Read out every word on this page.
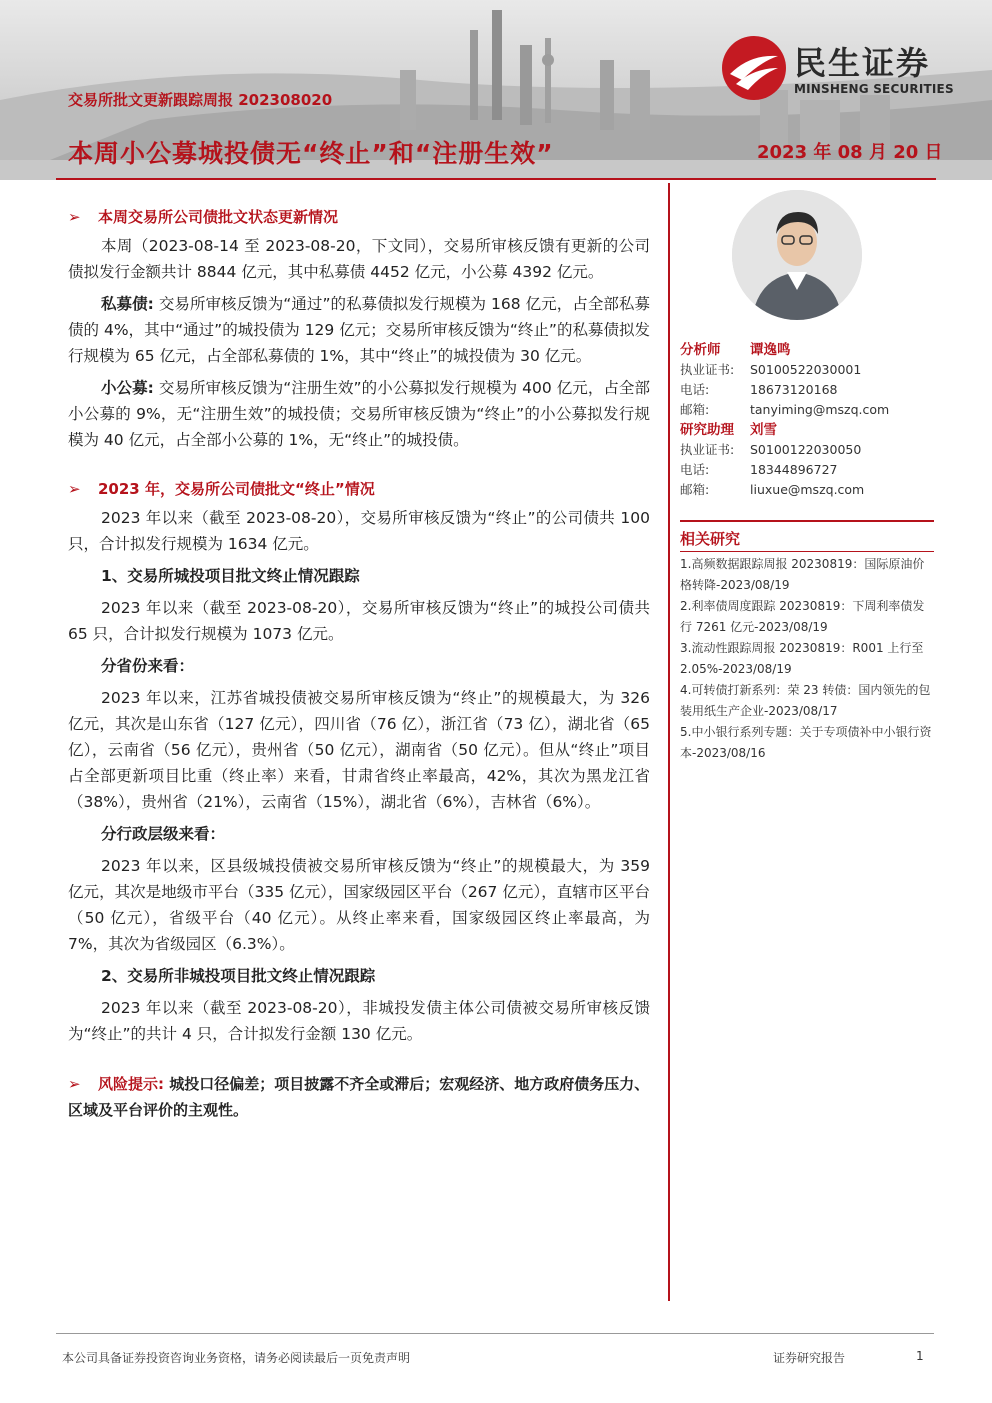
交易所批文更新跟踪周报 202308020
本周小公募城投债无“终止”和“注册生效”	2023 年 08 月 20 日
民生证券
MINSHENG SECURITIES
➢ 本周交易所公司债批文状态更新情况

本周（2023-08-14 至 2023-08-20，下文同），交易所审核反馈有更新的公司债拟发行金额共计 8844 亿元，其中私募债 4452 亿元，小公募 4392 亿元。

私募债: 交易所审核反馈为“通过”的私募债拟发行规模为 168 亿元，占全部私募债的 4%，其中“通过”的城投债为 129 亿元；交易所审核反馈为“终止”的私募债拟发行规模为 65 亿元，占全部私募债的 1%，其中“终止”的城投债为 30 亿元。

小公募: 交易所审核反馈为“注册生效”的小公募拟发行规模为 400 亿元，占全部小公募的 9%，无“注册生效”的城投债；交易所审核反馈为“终止”的小公募拟发行规模为 40 亿元，占全部小公募的 1%，无“终止”的城投债。

➢ 2023 年，交易所公司债批文“终止”情况

2023 年以来（截至 2023-08-20），交易所审核反馈为“终止”的公司债共 100 只，合计拟发行规模为 1634 亿元。

1、交易所城投项目批文终止情况跟踪

2023 年以来（截至 2023-08-20），交易所审核反馈为“终止”的城投公司债共 65 只，合计拟发行规模为 1073 亿元。

分省份来看：

2023 年以来，江苏省城投债被交易所审核反馈为“终止”的规模最大，为 326 亿元，其次是山东省（127 亿元），四川省（76 亿），浙江省（73 亿），湖北省（65 亿），云南省（56 亿元），贵州省（50 亿元），湖南省（50 亿元）。但从“终止”项目占全部更新项目比重（终止率）来看，甘肃省终止率最高，42%，其次为黑龙江省（38%），贵州省（21%），云南省（15%），湖北省（6%），吉林省（6%）。

分行政层级来看：

2023 年以来，区县级城投债被交易所审核反馈为“终止”的规模最大，为 359 亿元，其次是地级市平台（335 亿元），国家级园区平台（267 亿元），直辖市区平台（50 亿元），省级平台（40 亿元）。从终止率来看，国家级园区终止率最高，为 7%，其次为省级园区（6.3%）。

2、交易所非城投项目批文终止情况跟踪

2023 年以来（截至 2023-08-20），非城投发债主体公司债被交易所审核反馈为“终止”的共计 4 只，合计拟发行金额 130 亿元。

➢ 风险提示: 城投口径偏差；项目披露不齐全或滞后；宏观经济、地方政府债务压力、区域及平台评价的主观性。
分析师 谭逸鸣
执业证书: S0100522030001
电话:	18673120168
邮箱:	tanyiming@mszq.com
研究助理 刘雪
执业证书: S0100122030050
电话:	18344896727
邮箱:	liuxue@mszq.com
相关研究
1.高频数据跟踪周报 20230819：国际原油价格转降-2023/08/19
2.利率债周度跟踪 20230819：下周利率债发行 7261 亿元-2023/08/19
3.流动性跟踪周报 20230819：R001 上行至 2.05%-2023/08/19
4.可转债打新系列：荣 23 转债：国内领先的包装用纸生产企业-2023/08/17
5.中小银行系列专题：关于专项债补中小银行资本-2023/08/16
本公司具备证券投资咨询业务资格，请务必阅读最后一页免责声明	证券研究报告	1
